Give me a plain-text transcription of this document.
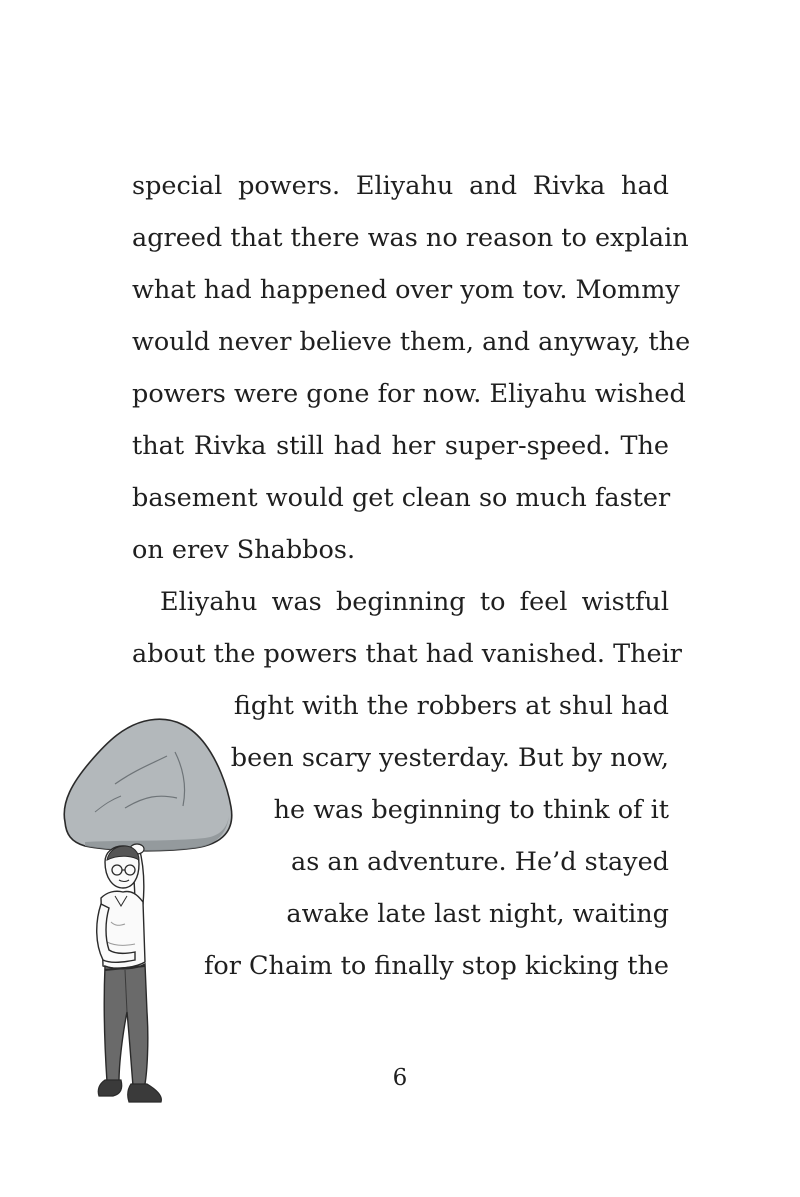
special powers. Eliyahu and Rivka had
agreed that there was no reason to explain
what had happened over yom tov. Mommy
would never believe them, and anyway, the
powers were gone for now. Eliyahu wished
that Rivka still had her super-speed. The
basement would get clean so much faster
on erev Shabbos.
Eliyahu was beginning to feel wistful
about the powers that had vanished. Their
fight with the robbers at shul had
been scary yesterday. But by now,
he was beginning to think of it
as an adventure. He’d stayed
awake late last night, waiting
for Chaim to finally stop kicking the
6
